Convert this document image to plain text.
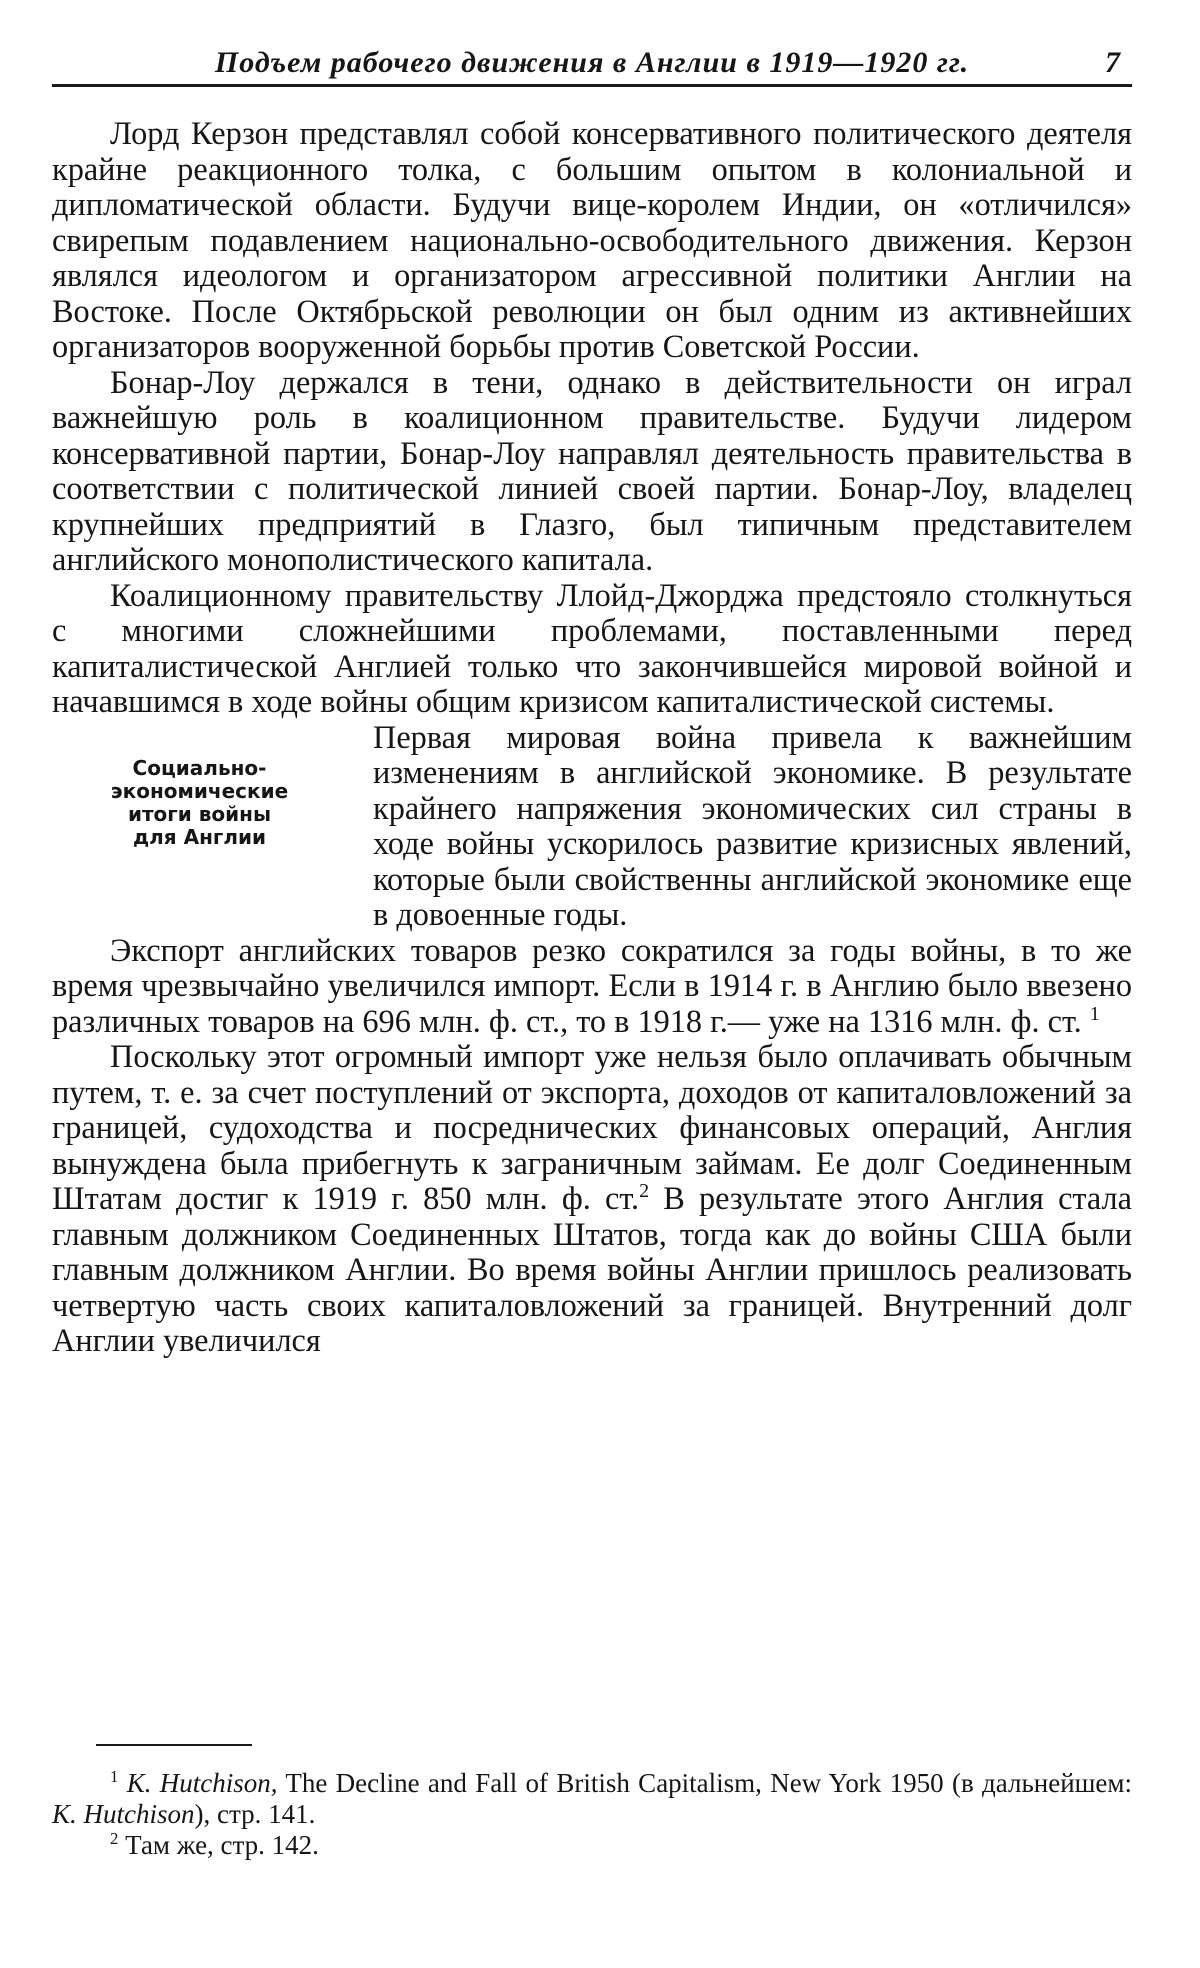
Подъем рабочего движения в Англии в 1919—1920 гг.	7

Лорд Керзон представлял собой консервативного политического деятеля крайне реакционного толка, с большим опытом в колониальной и дипломатической области. Будучи вице-королем Индии, он «отличился» свирепым подавлением национально-освободительного движения. Керзон являлся идеологом и организатором агрессивной политики Англии на Востоке. После Октябрьской революции он был одним из активнейших организаторов вооруженной борьбы против Советской России.

Бонар-Лоу держался в тени, однако в действительности он играл важнейшую роль в коалиционном правительстве. Будучи лидером консервативной партии, Бонар-Лоу направлял деятельность правительства в соответствии с политической линией своей партии. Бонар-Лоу, владелец крупнейших предприятий в Глазго, был типичным представителем английского монополистического капитала.

Коалиционному правительству Ллойд-Джорджа предстояло столкнуться с многими сложнейшими проблемами, поставленными перед капиталистической Англией только что закончившейся мировой войной и начавшимся в ходе войны общим кризисом капиталистической системы.

Социально-
экономические
итоги войны
для Англии

Первая мировая война привела к важнейшим изменениям в английской экономике. В результате крайнего напряжения экономических сил страны в ходе войны ускорилось развитие кризисных явлений, которые были свойственны английской экономике еще в довоенные годы.

Экспорт английских товаров резко сократился за годы войны, в то же время чрезвычайно увеличился импорт. Если в 1914 г. в Англию было ввезено различных товаров на 696 млн. ф. ст., то в 1918 г.— уже на 1316 млн. ф. ст. $^1$

Поскольку этот огромный импорт уже нельзя было оплачивать обычным путем, т. е. за счет поступлений от экспорта, доходов от капиталовложений за границей, судоходства и посреднических финансовых операций, Англия вынуждена была прибегнуть к заграничным займам. Ее долг Соединенным Штатам достиг к 1919 г. 850 млн. ф. ст.$^2$ В результате этого Англия стала главным должником Соединенных Штатов, тогда как до войны США были главным должником Англии. Во время войны Англии пришлось реализовать четвертую часть своих капиталовложений за границей. Внутренний долг Англии увеличился

$^1$ K. Hutchison, The Decline and Fall of British Capitalism, New York 1950 (в дальнейшем: K. Hutchison), стр. 141.

$^2$ Там же, стр. 142.
